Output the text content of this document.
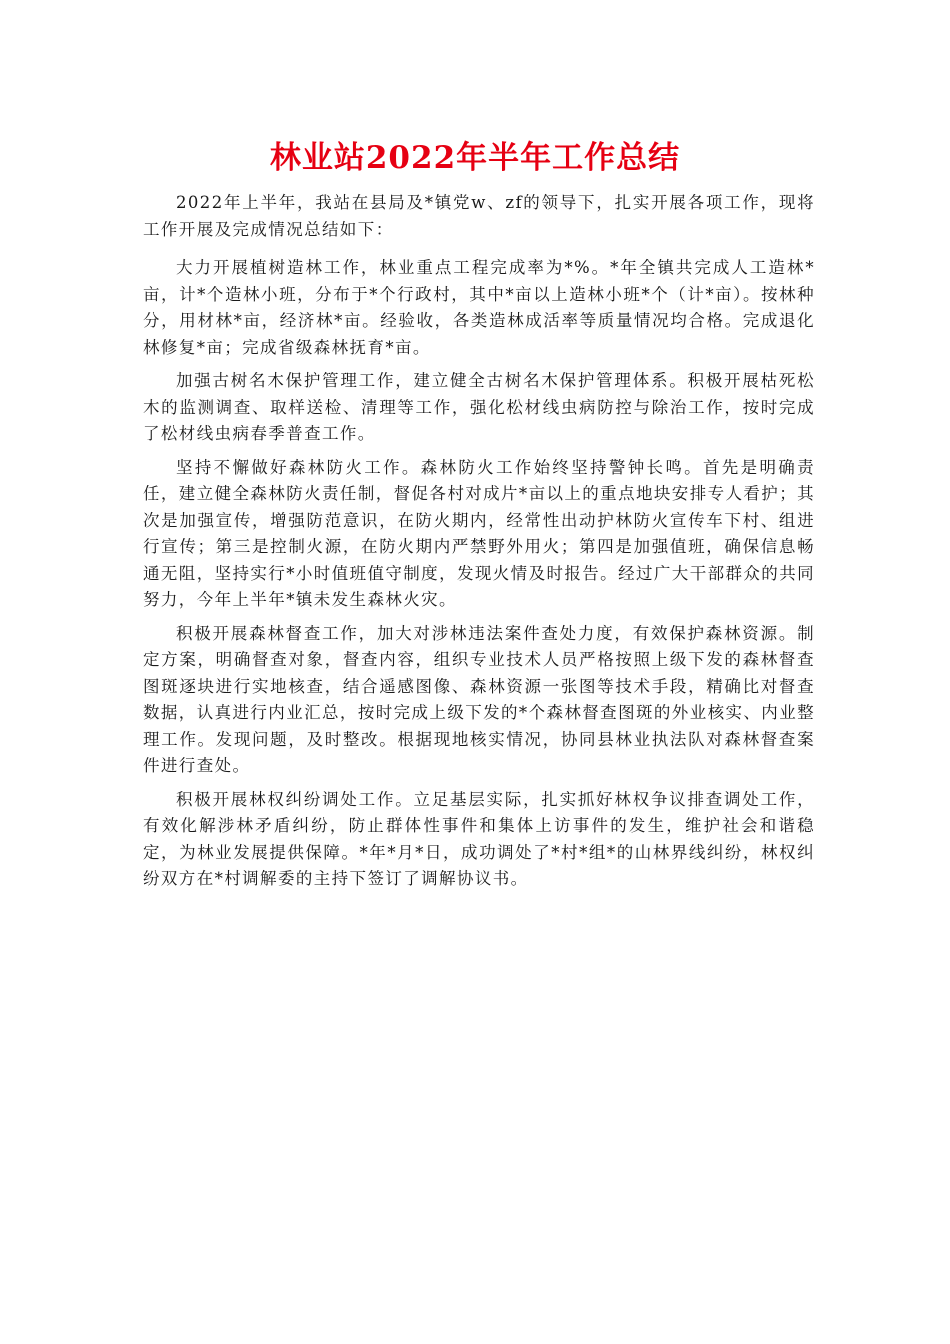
林业站2022年半年工作总结

2022年上半年，我站在县局及*镇党w、zf的领导下，扎实开展各项工作，现将工作开展及完成情况总结如下：

大力开展植树造林工作，林业重点工程完成率为*%。*年全镇共完成人工造林*亩，计*个造林小班，分布于*个行政村，其中*亩以上造林小班*个（计*亩）。按林种分，用材林*亩，经济林*亩。经验收，各类造林成活率等质量情况均合格。完成退化林修复*亩；完成省级森林抚育*亩。

加强古树名木保护管理工作，建立健全古树名木保护管理体系。积极开展枯死松木的监测调查、取样送检、清理等工作，强化松材线虫病防控与除治工作，按时完成了松材线虫病春季普查工作。

坚持不懈做好森林防火工作。森林防火工作始终坚持警钟长鸣。首先是明确责任，建立健全森林防火责任制，督促各村对成片*亩以上的重点地块安排专人看护；其次是加强宣传，增强防范意识，在防火期内，经常性出动护林防火宣传车下村、组进行宣传；第三是控制火源，在防火期内严禁野外用火；第四是加强值班，确保信息畅通无阻，坚持实行*小时值班值守制度，发现火情及时报告。经过广大干部群众的共同努力，今年上半年*镇未发生森林火灾。

积极开展森林督查工作，加大对涉林违法案件查处力度，有效保护森林资源。制定方案，明确督查对象，督查内容，组织专业技术人员严格按照上级下发的森林督查图斑逐块进行实地核查，结合遥感图像、森林资源一张图等技术手段，精确比对督查数据，认真进行内业汇总，按时完成上级下发的*个森林督查图斑的外业核实、内业整理工作。发现问题，及时整改。根据现地核实情况，协同县林业执法队对森林督查案件进行查处。

积极开展林权纠纷调处工作。立足基层实际，扎实抓好林权争议排查调处工作，有效化解涉林矛盾纠纷，防止群体性事件和集体上访事件的发生，维护社会和谐稳定，为林业发展提供保障。*年*月*日，成功调处了*村*组*的山林界线纠纷，林权纠纷双方在*村调解委的主持下签订了调解协议书。
